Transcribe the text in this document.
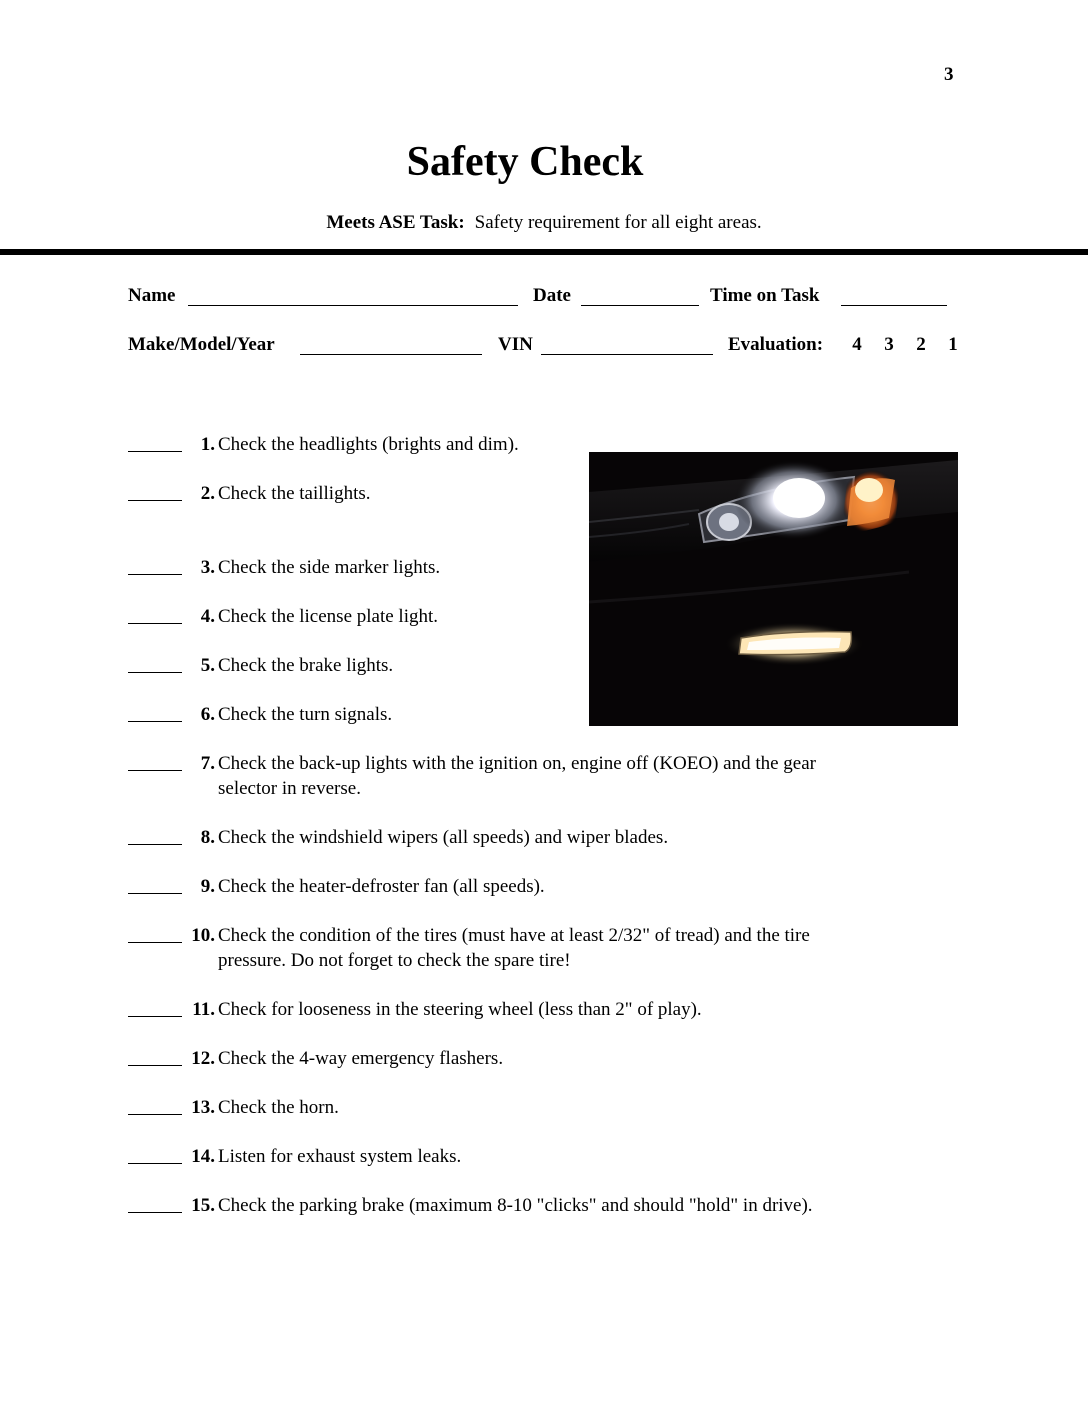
3
Safety Check
Meets ASE Task: Safety requirement for all eight areas.
Name	Date	Time on Task
Make/Model/Year	VIN	Evaluation:	4 3 2 1
1. Check the headlights (brights and dim).
2. Check the taillights.
3. Check the side marker lights.
4. Check the license plate light.
5. Check the brake lights.
6. Check the turn signals.
7. Check the back-up lights with the ignition on, engine off (KOEO) and the gear
selector in reverse.
8. Check the windshield wipers (all speeds) and wiper blades.
9. Check the heater-defroster fan (all speeds).
10. Check the condition of the tires (must have at least 2/32" of tread) and the tire
pressure. Do not forget to check the spare tire!
11. Check for looseness in the steering wheel (less than 2" of play).
12. Check the 4-way emergency flashers.
13. Check the horn.
14. Listen for exhaust system leaks.
15. Check the parking brake (maximum 8-10 "clicks" and should "hold" in drive).
